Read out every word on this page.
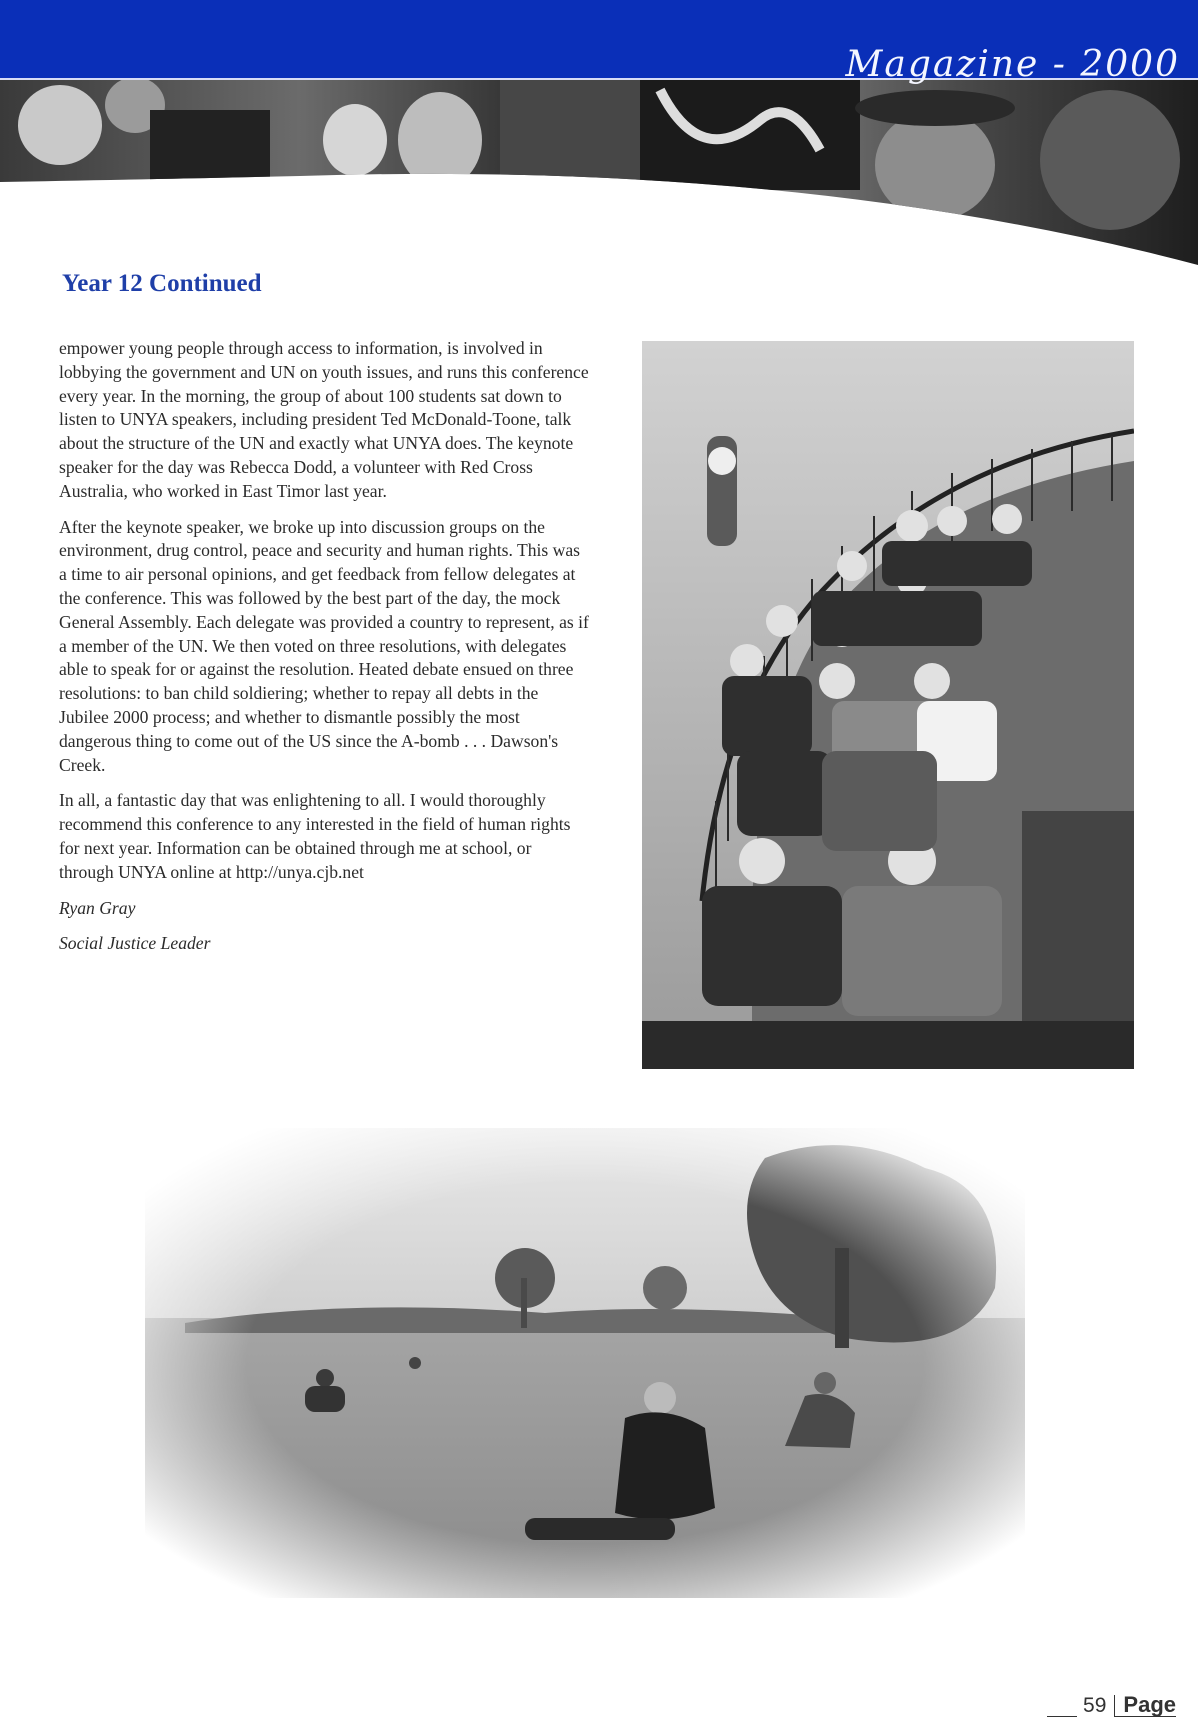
Magazine - 2000
Year 12 Continued

empower young people through access to information, is involved in lobbying the government and UN on youth issues, and runs this conference every year. In the morning, the group of about 100 students sat down to listen to UNYA speakers, including president Ted McDonald-Toone, talk about the structure of the UN and exactly what UNYA does. The keynote speaker for the day was Rebecca Dodd, a volunteer with Red Cross Australia, who worked in East Timor last year.

After the keynote speaker, we broke up into discussion groups on the environment, drug control, peace and security and human rights. This was a time to air personal opinions, and get feedback from fellow delegates at the conference. This was followed by the best part of the day, the mock General Assembly. Each delegate was provided a country to represent, as if a member of the UN. We then voted on three resolutions, with delegates able to speak for or against the resolution. Heated debate ensued on three resolutions: to ban child soldiering; whether to repay all debts in the Jubilee 2000 process; and whether to dismantle possibly the most dangerous thing to come out of the US since the A-bomb . . . Dawson's Creek.

In all, a fantastic day that was enlightening to all. I would thoroughly recommend this conference to any interested in the field of human rights for next year. Information can be obtained through me at school, or through UNYA online at http://unya.cjb.net

Ryan Gray

Social Justice Leader

59 Page
